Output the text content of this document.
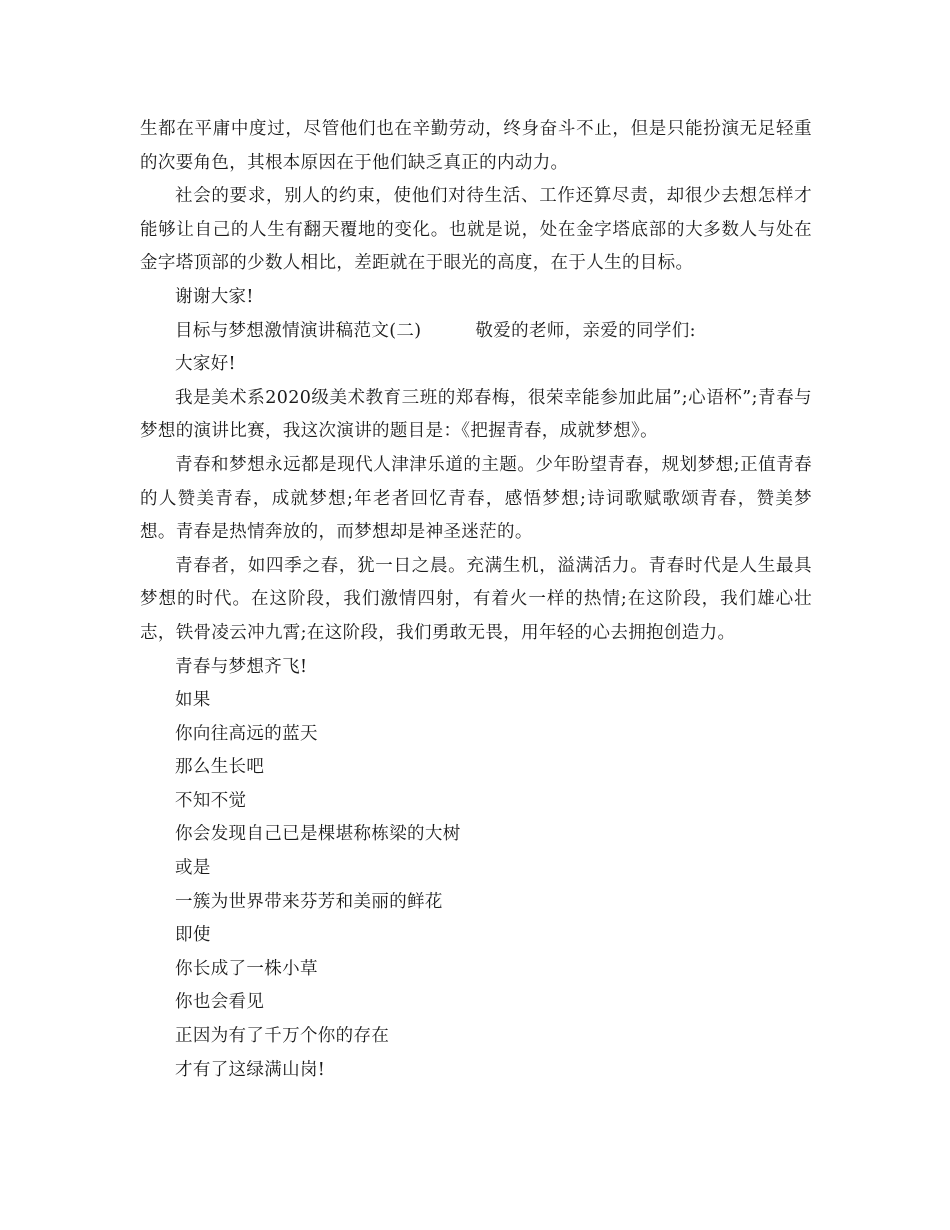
生都在平庸中度过，尽管他们也在辛勤劳动，终身奋斗不止，但是只能扮演无足轻重的次要角色，其根本原因在于他们缺乏真正的内动力。

社会的要求，别人的约束，使他们对待生活、工作还算尽责，却很少去想怎样才能够让自己的人生有翻天覆地的变化。也就是说，处在金字塔底部的大多数人与处在金字塔顶部的少数人相比，差距就在于眼光的高度，在于人生的目标。

谢谢大家!

目标与梦想激情演讲稿范文(二)	敬爱的老师，亲爱的同学们:

大家好!

我是美术系2020级美术教育三班的郑春梅，很荣幸能参加此届”;心语杯”;青春与梦想的演讲比赛，我这次演讲的题目是：《把握青春，成就梦想》。

青春和梦想永远都是现代人津津乐道的主题。少年盼望青春，规划梦想;正值青春的人赞美青春，成就梦想;年老者回忆青春，感悟梦想;诗词歌赋歌颂青春，赞美梦想。青春是热情奔放的，而梦想却是神圣迷茫的。

青春者，如四季之春，犹一日之晨。充满生机，溢满活力。青春时代是人生最具梦想的时代。在这阶段，我们激情四射，有着火一样的热情;在这阶段，我们雄心壮志，铁骨凌云冲九霄;在这阶段，我们勇敢无畏，用年轻的心去拥抱创造力。

青春与梦想齐飞!

如果

你向往高远的蓝天

那么生长吧

不知不觉

你会发现自己已是棵堪称栋梁的大树

或是

一簇为世界带来芬芳和美丽的鲜花

即使

你长成了一株小草

你也会看见

正因为有了千万个你的存在

才有了这绿满山岗!
